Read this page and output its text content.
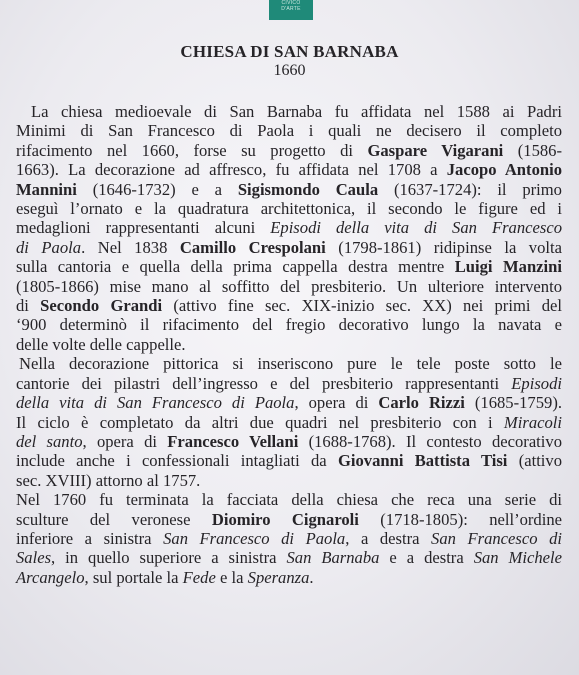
CIVICO
D'ARTE
CHIESA DI SAN BARNABA
1660
La chiesa medioevale di San Barnaba fu affidata nel 1588 ai Padri
Minimi di San Francesco di Paola i quali ne decisero il completo
rifacimento nel 1660, forse su progetto di Gaspare Vigarani (1586-
1663). La decorazione ad affresco, fu affidata nel 1708 a Jacopo Antonio
Mannini (1646-1732) e a Sigismondo Caula (1637-1724): il primo
eseguì l’ornato e la quadratura architettonica, il secondo le figure ed i
medaglioni rappresentanti alcuni Episodi della vita di San Francesco
di Paola. Nel 1838 Camillo Crespolani (1798-1861) ridipinse la volta
sulla cantoria e quella della prima cappella destra mentre Luigi Manzini
(1805-1866) mise mano al soffitto del presbiterio. Un ulteriore intervento
di Secondo Grandi (attivo fine sec. XIX-inizio sec. XX) nei primi del
‘900 determinò il rifacimento del fregio decorativo lungo la navata e
delle volte delle cappelle.
Nella decorazione pittorica si inseriscono pure le tele poste sotto le
cantorie dei pilastri dell’ingresso e del presbiterio rappresentanti Episodi
della vita di San Francesco di Paola, opera di Carlo Rizzi (1685-1759).
Il ciclo è completato da altri due quadri nel presbiterio con i Miracoli
del santo, opera di Francesco Vellani (1688-1768). Il contesto decorativo
include anche i confessionali intagliati da Giovanni Battista Tisi (attivo
sec. XVIII) attorno al 1757.
Nel 1760 fu terminata la facciata della chiesa che reca una serie di
sculture del veronese Diomiro Cignaroli (1718-1805): nell’ordine
inferiore a sinistra San Francesco di Paola, a destra San Francesco di
Sales, in quello superiore a sinistra San Barnaba e a destra San Michele
Arcangelo, sul portale la Fede e la Speranza.
